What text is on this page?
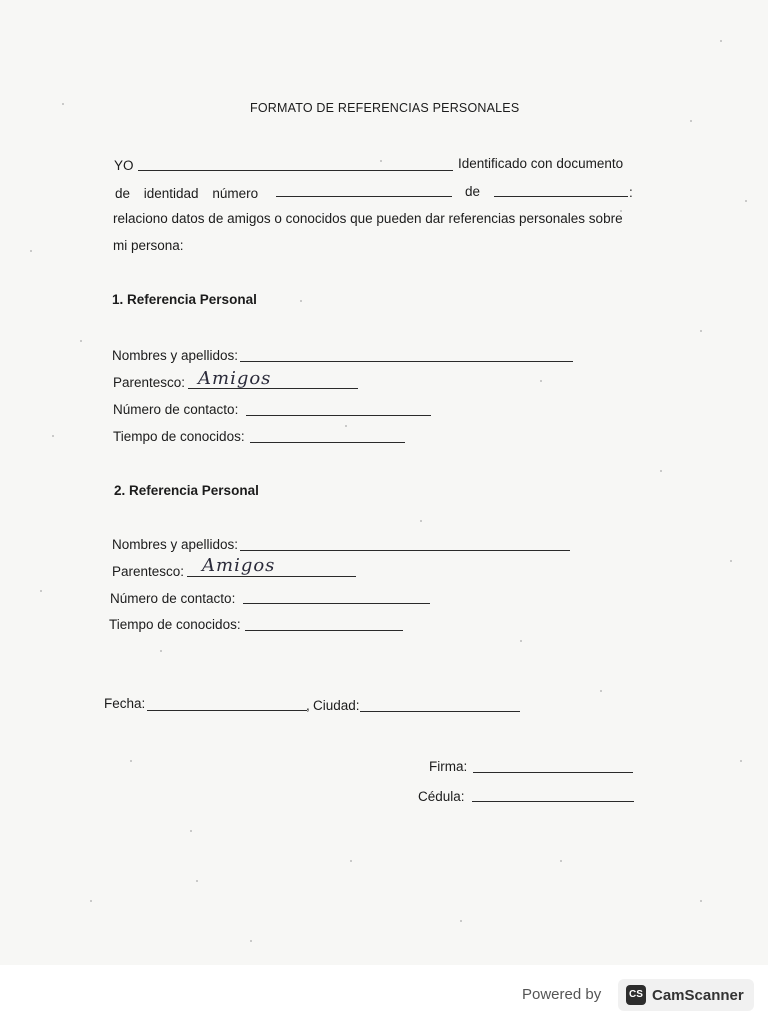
FORMATO DE REFERENCIAS PERSONALES
YO	Identificado con documento
de identidad número	de	:
relaciono datos de amigos o conocidos que pueden dar referencias personales sobre
mi persona:
1. Referencia Personal
Nombres y apellidos:
Parentesco: Amigos
Número de contacto:
Tiempo de conocidos:
2. Referencia Personal
Nombres y apellidos:
Parentesco: Amigos
Número de contacto:
Tiempo de conocidos:
Fecha:	, Ciudad:
Firma:
Cédula:
Powered by	CS CamScanner
